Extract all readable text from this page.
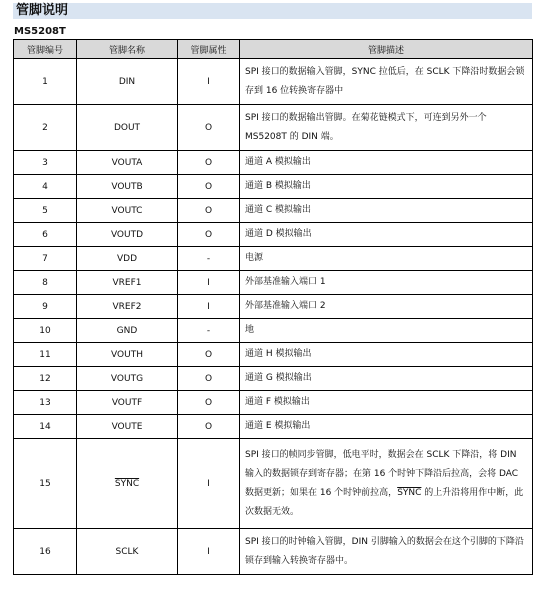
管脚说明
MS5208T
管脚编号	管脚名称	管脚属性	管脚描述
1	DIN	I	SPI 接口的数据输入管脚，SYNC 拉低后，在 SCLK 下降沿时数据会锁存到 16 位转换寄存器中
2	DOUT	O	SPI 接口的数据输出管脚。在菊花链模式下，可连到另外一个 MS5208T 的 DIN 端。
3	VOUTA	O	通道 A 模拟输出
4	VOUTB	O	通道 B 模拟输出
5	VOUTC	O	通道 C 模拟输出
6	VOUTD	O	通道 D 模拟输出
7	VDD	-	电源
8	VREF1	I	外部基准输入端口 1
9	VREF2	I	外部基准输入端口 2
10	GND	-	地
11	VOUTH	O	通道 H 模拟输出
12	VOUTG	O	通道 G 模拟输出
13	VOUTF	O	通道 F 模拟输出
14	VOUTE	O	通道 E 模拟输出
15	SYNC	I	SPI 接口的帧同步管脚，低电平时，数据会在 SCLK 下降沿，将 DIN 输入的数据锁存到寄存器；在第 16 个时钟下降沿后拉高，会将 DAC 数据更新；如果在 16 个时钟前拉高，SYNC 的上升沿将用作中断，此次数据无效。
16	SCLK	I	SPI 接口的时钟输入管脚，DIN 引脚输入的数据会在这个引脚的下降沿锁存到输入转换寄存器中。
